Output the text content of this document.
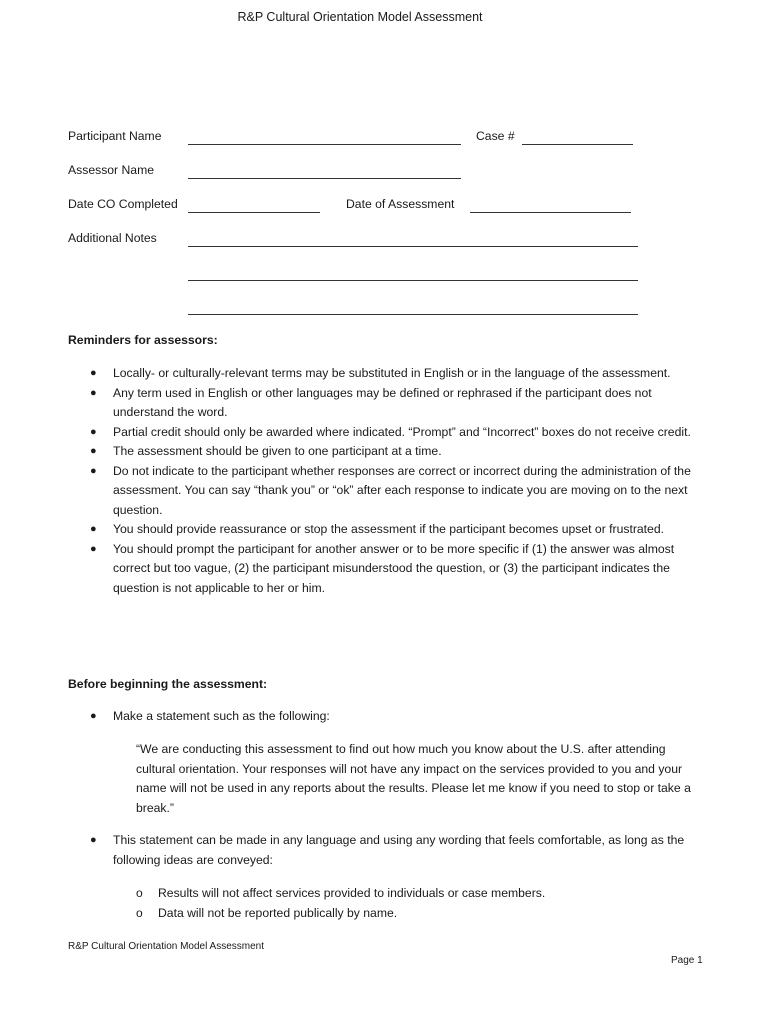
R&P Cultural Orientation Model Assessment
Participant Name	Case #
Assessor Name
Date CO Completed	Date of Assessment
Additional Notes
Reminders for assessors:
● Locally- or culturally-relevant terms may be substituted in English or in the language of the assessment.
● Any term used in English or other languages may be defined or rephrased if the participant does not understand the word.
● Partial credit should only be awarded where indicated. “Prompt” and “Incorrect” boxes do not receive credit.
● The assessment should be given to one participant at a time.
● Do not indicate to the participant whether responses are correct or incorrect during the administration of the assessment. You can say “thank you” or “ok” after each response to indicate you are moving on to the next question.
● You should provide reassurance or stop the assessment if the participant becomes upset or frustrated.
● You should prompt the participant for another answer or to be more specific if (1) the answer was almost correct but too vague, (2) the participant misunderstood the question, or (3) the participant indicates the question is not applicable to her or him.
Before beginning the assessment:
● Make a statement such as the following:
“We are conducting this assessment to find out how much you know about the U.S. after attending cultural orientation. Your responses will not have any impact on the services provided to you and your name will not be used in any reports about the results. Please let me know if you need to stop or take a break.”
● This statement can be made in any language and using any wording that feels comfortable, as long as the following ideas are conveyed:
o Results will not affect services provided to individuals or case members.
o Data will not be reported publically by name.
R&P Cultural Orientation Model Assessment
Page 1
